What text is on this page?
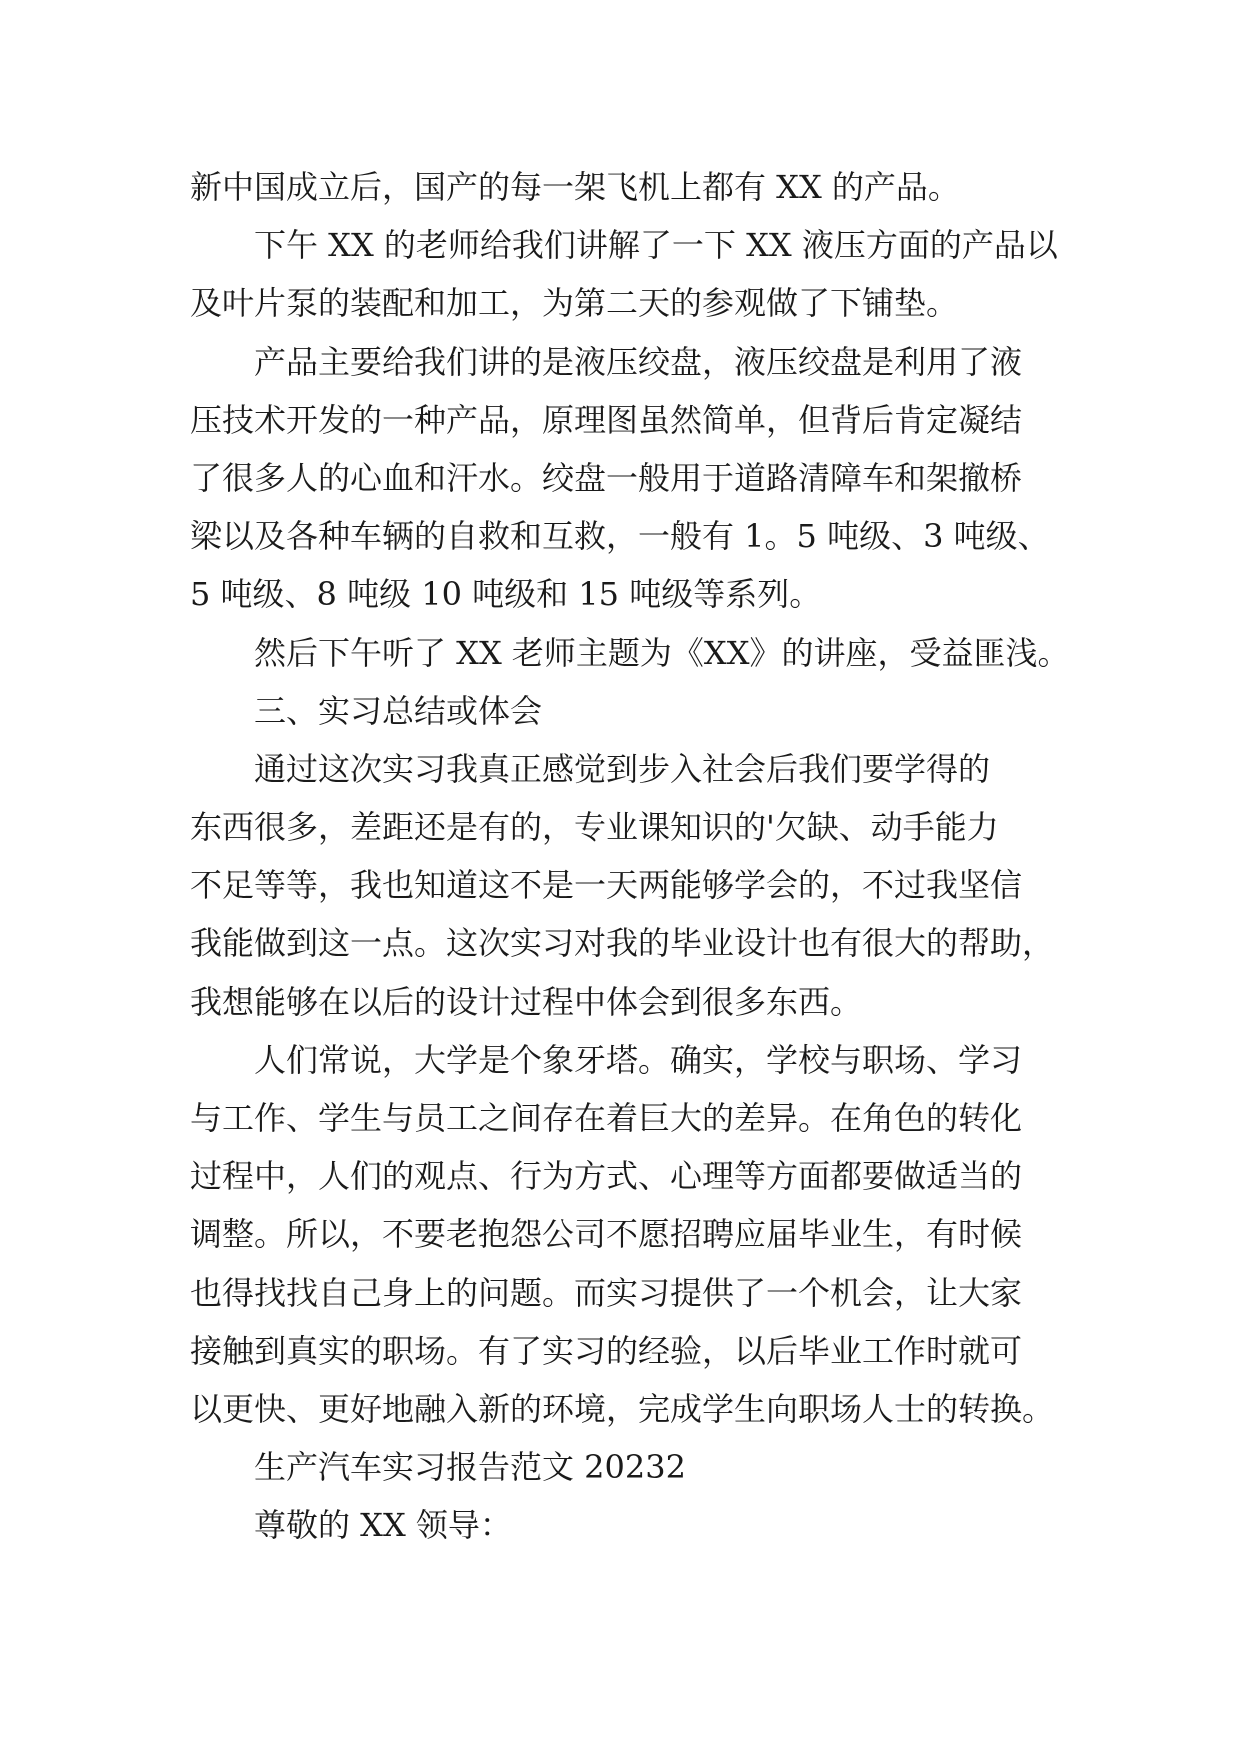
新中国成立后，国产的每一架飞机上都有 XX 的产品。
下午 XX 的老师给我们讲解了一下 XX 液压方面的产品以
及叶片泵的装配和加工，为第二天的参观做了下铺垫。
产品主要给我们讲的是液压绞盘，液压绞盘是利用了液
压技术开发的一种产品，原理图虽然简单，但背后肯定凝结
了很多人的心血和汗水。绞盘一般用于道路清障车和架撤桥
梁以及各种车辆的自救和互救，一般有 1。5 吨级、3 吨级、
5 吨级、8 吨级 10 吨级和 15 吨级等系列。
然后下午听了 XX 老师主题为《XX》的讲座，受益匪浅。
三、实习总结或体会
通过这次实习我真正感觉到步入社会后我们要学得的
东西很多，差距还是有的，专业课知识的'欠缺、动手能力
不足等等，我也知道这不是一天两能够学会的，不过我坚信
我能做到这一点。这次实习对我的毕业设计也有很大的帮助，
我想能够在以后的设计过程中体会到很多东西。
人们常说，大学是个象牙塔。确实，学校与职场、学习
与工作、学生与员工之间存在着巨大的差异。在角色的转化
过程中，人们的观点、行为方式、心理等方面都要做适当的
调整。所以，不要老抱怨公司不愿招聘应届毕业生，有时候
也得找找自己身上的问题。而实习提供了一个机会，让大家
接触到真实的职场。有了实习的经验，以后毕业工作时就可
以更快、更好地融入新的环境，完成学生向职场人士的转换。
生产汽车实习报告范文 20232
尊敬的 XX 领导：
